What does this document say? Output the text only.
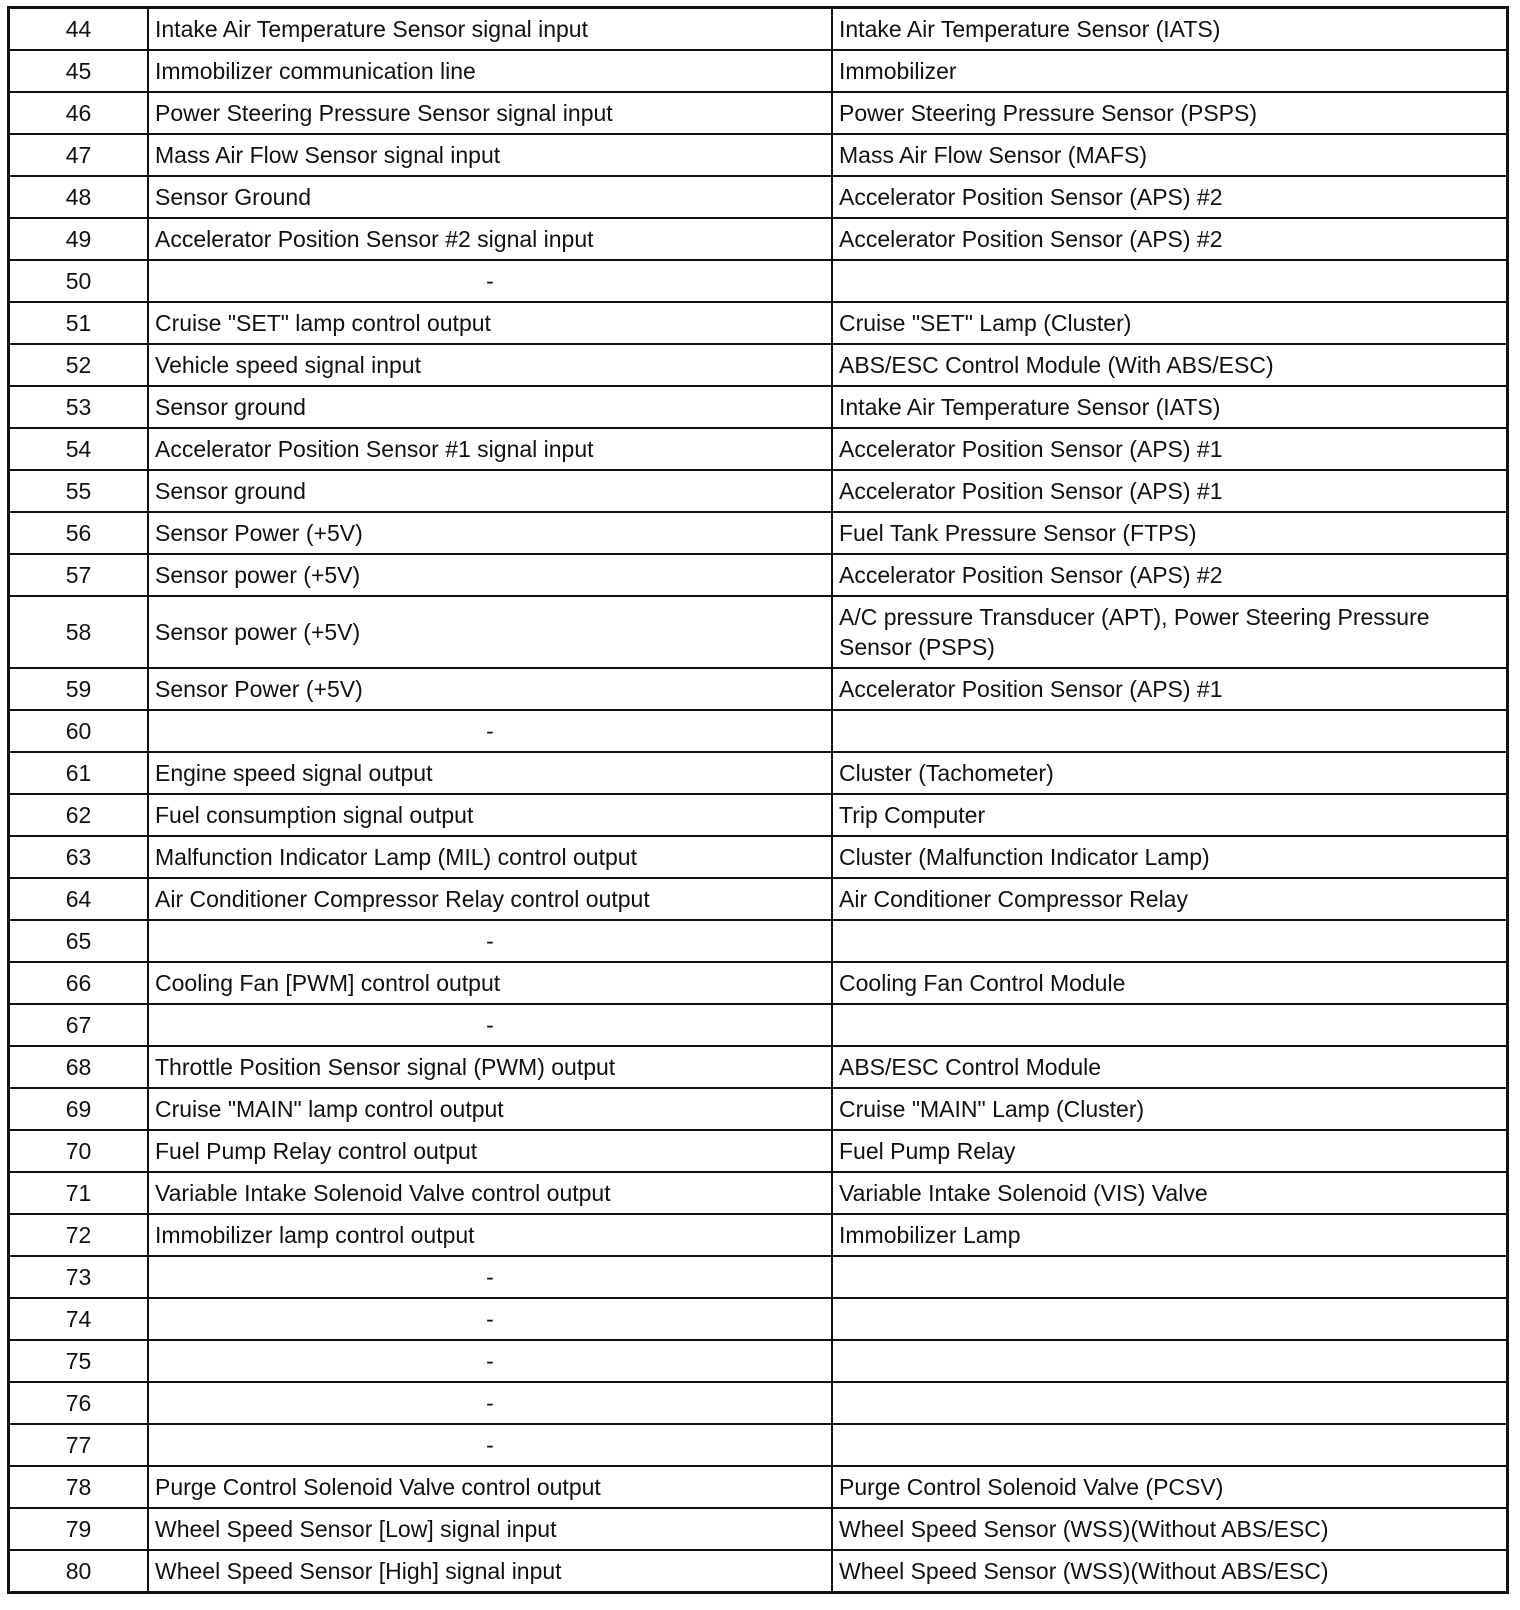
44	Intake Air Temperature Sensor signal input	Intake Air Temperature Sensor (IATS)
45	Immobilizer communication line	Immobilizer
46	Power Steering Pressure Sensor signal input	Power Steering Pressure Sensor (PSPS)
47	Mass Air Flow Sensor signal input	Mass Air Flow Sensor (MAFS)
48	Sensor Ground	Accelerator Position Sensor (APS) #2
49	Accelerator Position Sensor #2 signal input	Accelerator Position Sensor (APS) #2
50	-	
51	Cruise "SET" lamp control output	Cruise "SET" Lamp (Cluster)
52	Vehicle speed signal input	ABS/ESC Control Module (With ABS/ESC)
53	Sensor ground	Intake Air Temperature Sensor (IATS)
54	Accelerator Position Sensor #1 signal input	Accelerator Position Sensor (APS) #1
55	Sensor ground	Accelerator Position Sensor (APS) #1
56	Sensor Power (+5V)	Fuel Tank Pressure Sensor (FTPS)
57	Sensor power (+5V)	Accelerator Position Sensor (APS) #2
58	Sensor power (+5V)	A/C pressure Transducer (APT), Power Steering Pressure Sensor (PSPS)
59	Sensor Power (+5V)	Accelerator Position Sensor (APS) #1
60	-	
61	Engine speed signal output	Cluster (Tachometer)
62	Fuel consumption signal output	Trip Computer
63	Malfunction Indicator Lamp (MIL) control output	Cluster (Malfunction Indicator Lamp)
64	Air Conditioner Compressor Relay control output	Air Conditioner Compressor Relay
65	-	
66	Cooling Fan [PWM] control output	Cooling Fan Control Module
67	-	
68	Throttle Position Sensor signal (PWM) output	ABS/ESC Control Module
69	Cruise "MAIN" lamp control output	Cruise "MAIN" Lamp (Cluster)
70	Fuel Pump Relay control output	Fuel Pump Relay
71	Variable Intake Solenoid Valve control output	Variable Intake Solenoid (VIS) Valve
72	Immobilizer lamp control output	Immobilizer Lamp
73	-	
74	-	
75	-	
76	-	
77	-	
78	Purge Control Solenoid Valve control output	Purge Control Solenoid Valve (PCSV)
79	Wheel Speed Sensor [Low] signal input	Wheel Speed Sensor (WSS)(Without ABS/ESC)
80	Wheel Speed Sensor [High] signal input	Wheel Speed Sensor (WSS)(Without ABS/ESC)
